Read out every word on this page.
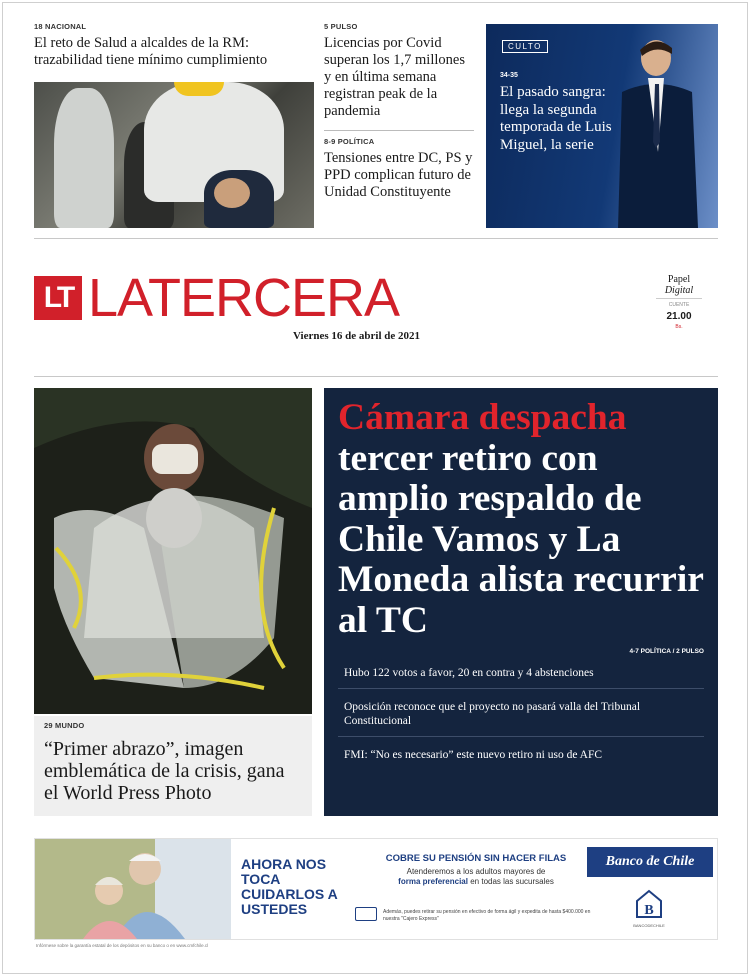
18 NACIONAL
El reto de Salud a alcaldes de la RM: trazabilidad tiene mínimo cumplimiento
5 PULSO
Licencias por Covid superan los 1,7 millones y en última semana registran peak de la pandemia
8-9 POLÍTICA
Tensiones entre DC, PS y PPD complican futuro de Unidad Constituyente
CULTO
34-35
El pasado sangra: llega la segunda temporada de Luis Miguel, la serie
LT LATERCERA
Viernes 16 de abril de 2021
Papel
Digital
CUENTE
21.00
Bs.
29 MUNDO
“Primer abrazo”, imagen emblemática de la crisis, gana el World Press Photo
Cámara despacha
tercer retiro con amplio respaldo de Chile Vamos y La Moneda alista recurrir al TC
4-7 POLÍTICA / 2 PULSO
Hubo 122 votos a favor, 20 en contra y 4 abstenciones
Oposición reconoce que el proyecto no pasará valla del Tribunal Constitucional
FMI: “No es necesario” este nuevo retiro ni uso de AFC
AHORA NOS TOCA CUIDARLOS A USTEDES
COBRE SU PENSIÓN SIN HACER FILAS
Atenderemos a los adultos mayores de
forma preferencial en todas las sucursales
Además, puedes retirar su pensión en efectivo de forma ágil y expedita de hasta $400.000 en nuestra "Cajero Express"
Banco de Chile
B
BANCODECHILE
Infórmese sobre la garantía estatal de los depósitos en su banco o en www.cmfchile.cl
